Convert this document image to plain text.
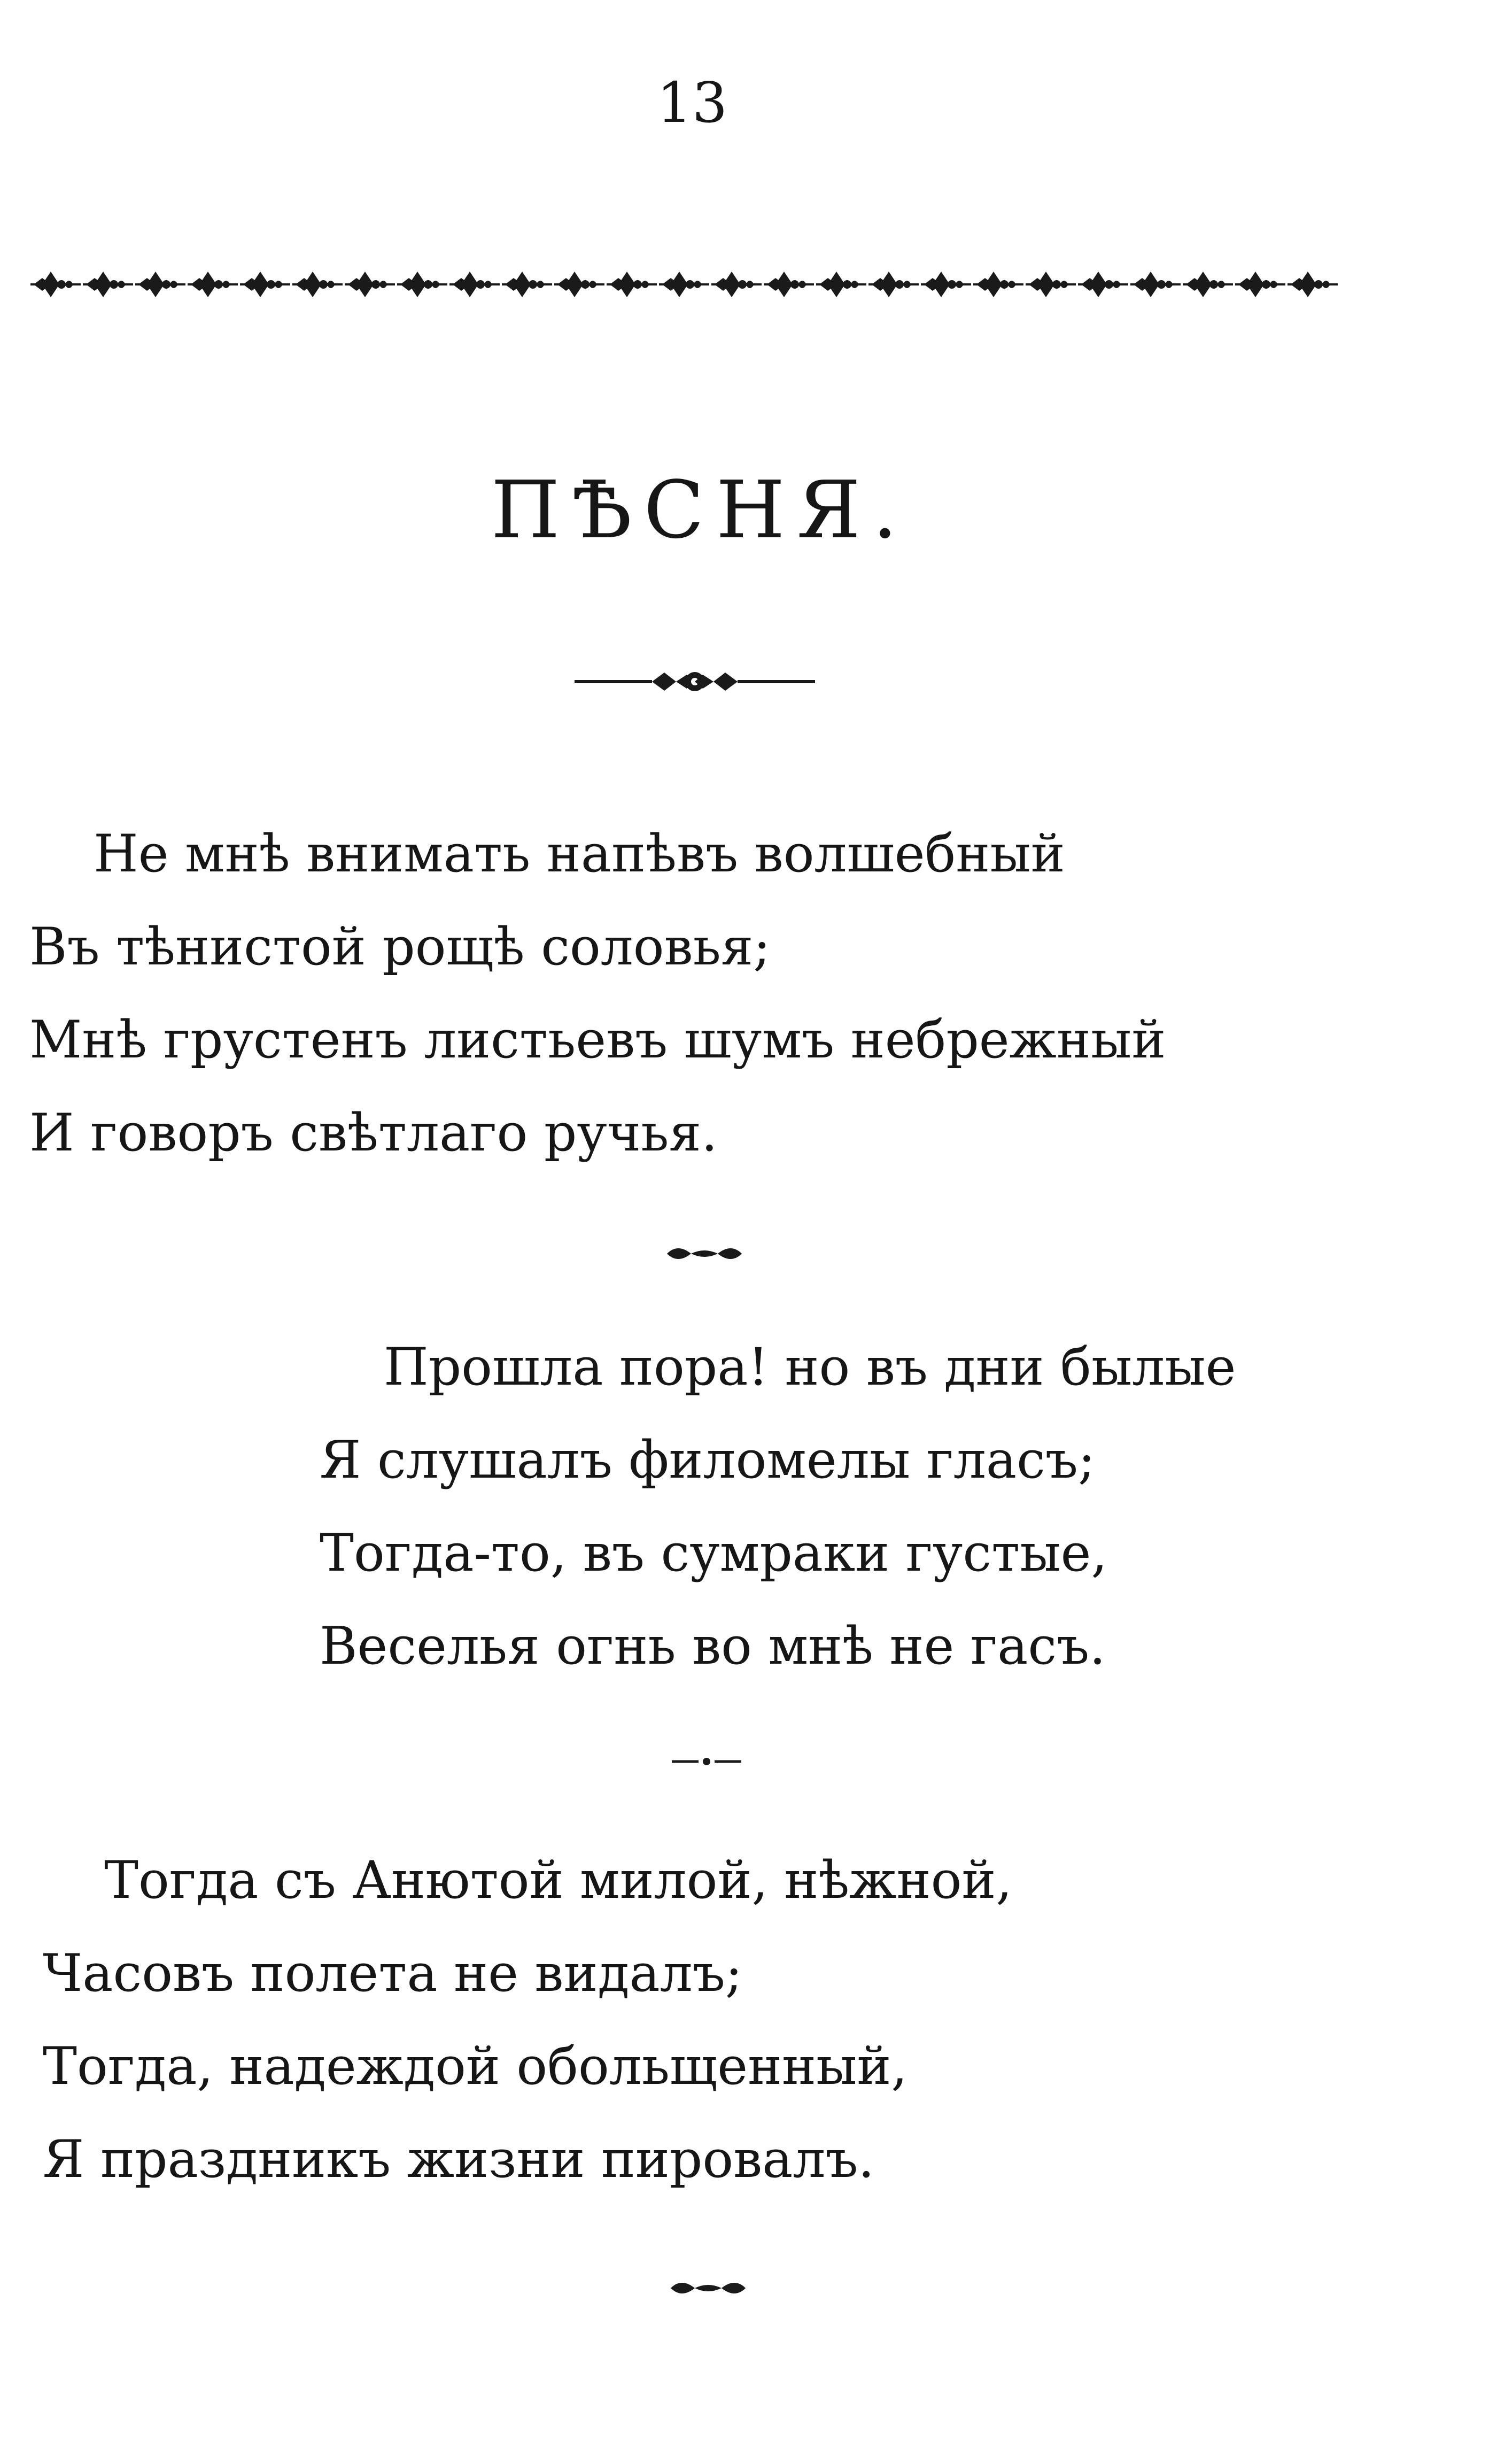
13
ПѢСНЯ.
Не мнѣ внимать напѣвъ волшебный
Въ тѣнистой рощѣ соловья;
Мнѣ грустенъ листьевъ шумъ небрежный
И говоръ свѣтлаго ручья.
Прошла пора! но въ дни былые
Я слушалъ филомелы гласъ;
Тогда-то, въ сумраки густые,
Веселья огнь во мнѣ не гасъ.
Тогда съ Анютой милой, нѣжной,
Часовъ полета не видалъ;
Тогда, надеждой обольщенный,
Я праздникъ жизни пировалъ.
